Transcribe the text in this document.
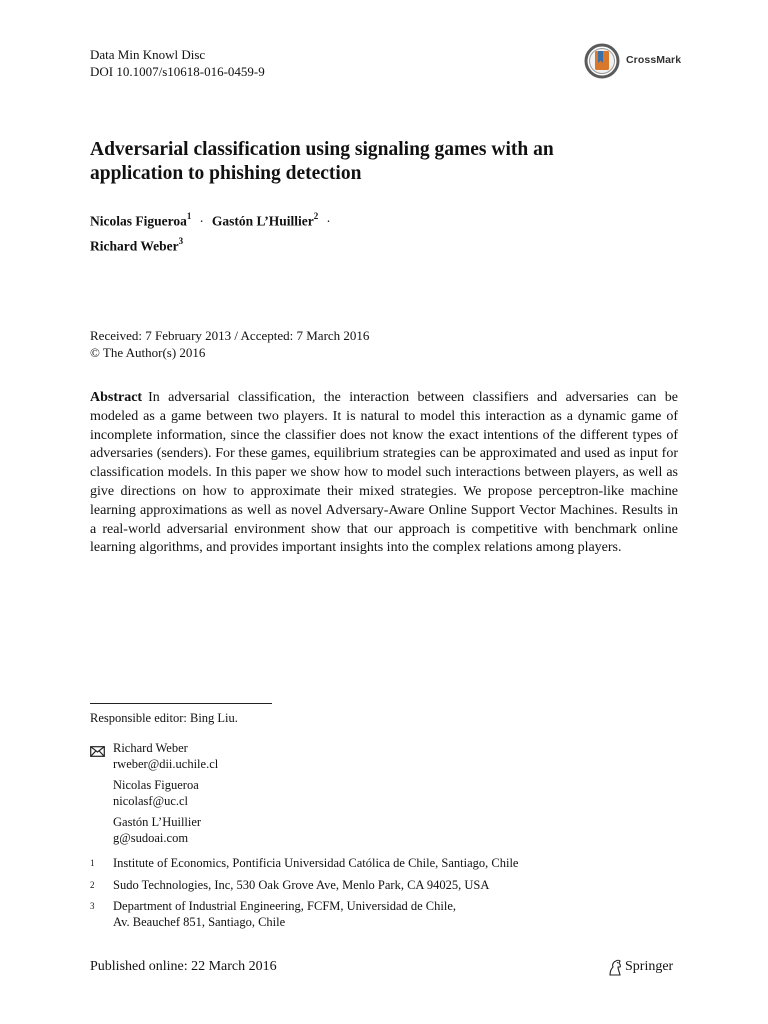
Data Min Knowl Disc
DOI 10.1007/s10618-016-0459-9
CrossMark
Adversarial classification using signaling games with an application to phishing detection
Nicolas Figueroa$^1$ · Gastón L’Huillier$^2$ ·
Richard Weber$^3$
Received: 7 February 2013 / Accepted: 7 March 2016
© The Author(s) 2016
Abstract In adversarial classification, the interaction between classifiers and adversaries can be modeled as a game between two players. It is natural to model this interaction as a dynamic game of incomplete information, since the classifier does not know the exact intentions of the different types of adversaries (senders). For these games, equilibrium strategies can be approximated and used as input for classification models. In this paper we show how to model such interactions between players, as well as give directions on how to approximate their mixed strategies. We propose perceptron-like machine learning approximations as well as novel Adversary-Aware Online Support Vector Machines. Results in a real-world adversarial environment show that our approach is competitive with benchmark online learning algorithms, and provides important insights into the complex relations among players.
Responsible editor: Bing Liu.
Richard Weber
rweber@dii.uchile.cl
Nicolas Figueroa
nicolasf@uc.cl
Gastón L’Huillier
g@sudoai.com
1	Institute of Economics, Pontificia Universidad Católica de Chile, Santiago, Chile
2	Sudo Technologies, Inc, 530 Oak Grove Ave, Menlo Park, CA 94025, USA
3	Department of Industrial Engineering, FCFM, Universidad de Chile,
Av. Beauchef 851, Santiago, Chile
Published online: 22 March 2016	Springer
